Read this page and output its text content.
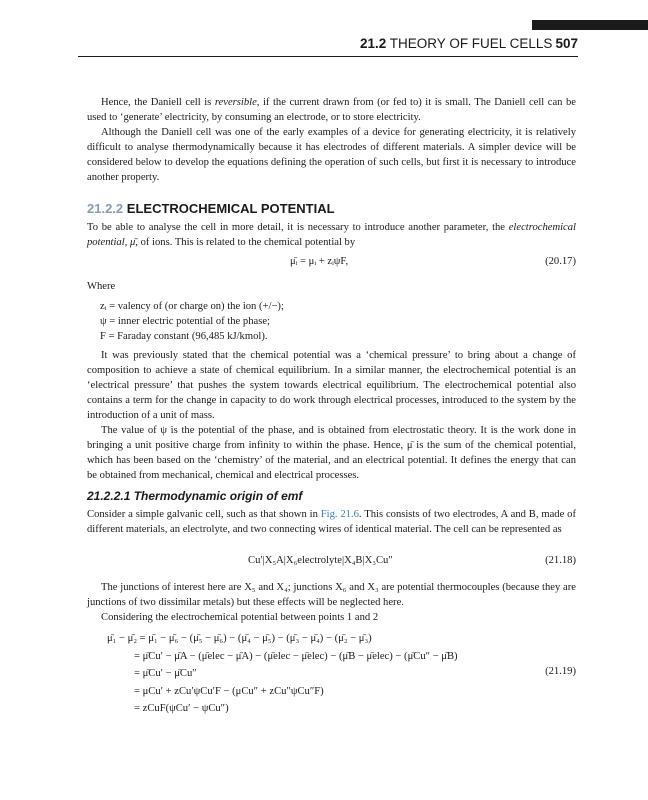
21.2 THEORY OF FUEL CELLS 507

Hence, the Daniell cell is reversible, if the current drawn from (or fed to) it is small. The Daniell cell can be used to ‘generate’ electricity, by consuming an electrode, or to store electricity.

Although the Daniell cell was one of the early examples of a device for generating electricity, it is relatively difficult to analyse thermodynamically because it has electrodes of different materials. A simpler device will be considered below to develop the equations defining the operation of such cells, but first it is necessary to introduce another property.

21.2.2 ELECTROCHEMICAL POTENTIAL

To be able to analyse the cell in more detail, it is necessary to introduce another parameter, the electrochemical potential, μ̄, of ions. This is related to the chemical potential by

μ̄ᵢ = μᵢ + zᵢψF,	(20.17)

Where

zᵢ = valency of (or charge on) the ion (+/−);
ψ = inner electric potential of the phase;
F = Faraday constant (96,485 kJ/kmol).

It was previously stated that the chemical potential was a ‘chemical pressure’ to bring about a change of composition to achieve a state of chemical equilibrium. In a similar manner, the electrochemical potential is an ‘electrical pressure’ that pushes the system towards electrical equilibrium. The electrochemical potential also contains a term for the change in capacity to do work through electrical processes, introduced to the system by the introduction of a unit of mass.

The value of ψ is the potential of the phase, and is obtained from electrostatic theory. It is the work done in bringing a unit positive charge from infinity to within the phase. Hence, μ̄ is the sum of the chemical potential, which has been based on the ‘chemistry’ of the material, and an electrical potential. It defines the energy that can be obtained from mechanical, chemical and electrical processes.

21.2.2.1 Thermodynamic origin of emf

Consider a simple galvanic cell, such as that shown in Fig. 21.6. This consists of two electrodes, A and B, made of different materials, an electrolyte, and two connecting wires of identical material. The cell can be represented as

Cu′|X₅A|X₆electrolyte|X₄B|X₃Cu″	(21.18)

The junctions of interest here are X₅ and X₄; junctions X₆ and X₃ are potential thermocouples (because they are junctions of two dissimilar metals) but these effects will be neglected here.

Considering the electrochemical potential between points 1 and 2

μ̄₁ − μ̄₂ = μ̄₁ − μ̄₆ − (μ̄₅ − μ̄₆) − (μ̄₄ − μ̄₅) − (μ̄₃ − μ̄₄) − (μ̄₂ − μ̄₃)
= μ̄Cu′ − μ̄A − (μ̄elec − μ̄A) − (μ̄elec − μ̄elec) − (μ̄B − μ̄elec) − (μ̄Cu″ − μ̄B)
= μ̄Cu′ − μ̄Cu″
= μCu′ + zCu′ψCu′F − (μCu″ + zCu″ψCu″F)
= zCuF(ψCu′ − ψCu″)
(21.19)
